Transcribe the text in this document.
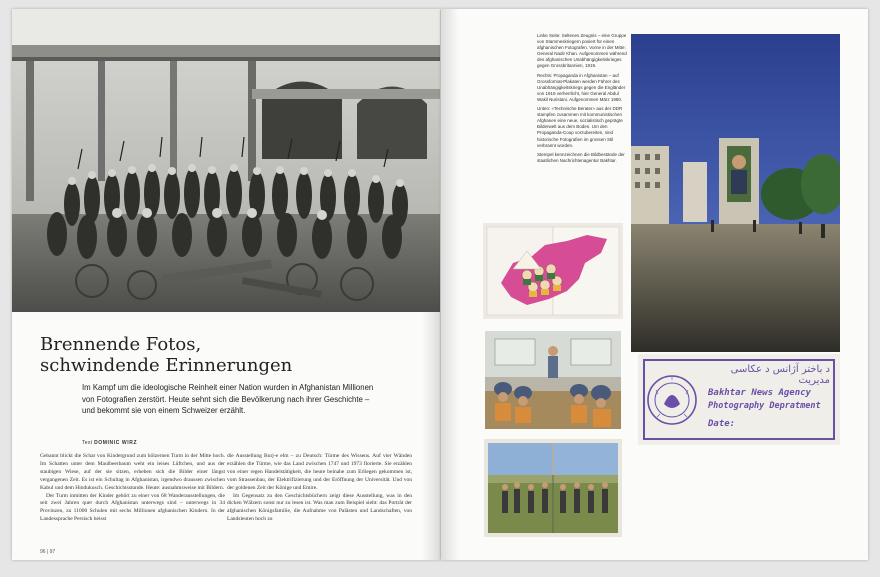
Brennende Fotos,
schwindende Erinnerungen

Im Kampf um die ideologische Reinheit einer Nation wurden in Afghanistan Millionen von Fotografien zerstört. Heute sehnt sich die Bevölkerung nach ihrer Geschichte – und bekommt sie von einem Schweizer erzählt.

Text DOMINIC WIRZ

Gebannt blickt die Schar von Kindergrund zum hölzernen Turm in der Mitte hoch. Im Schatten unter dem Maulbeerbaum weht ein leises Lüftchen, und aus der staubigen Wiese, auf der sie sitzen, erheben sich die Bilder einer längst vergangenen Zeit. Es ist ein Schultag in Afghanistan, irgendwo draussen zwischen Kabul und dem Hindukusch. Geschichtsstunde. Heute: ausnahmsweise mit Bildern.

Der Turm inmitten der Kinder gehört zu einer von 68 Wanderausstellungen, die seit zwei Jahren quer durch Afghanistan unterwegs sind – unterwegs in 34 Provinzen, zu 11000 Schulen mit sechs Millionen afghanischen Kindern. In der Landessprache Persisch heisst

die Ausstellung Burj-e elm – zu Deutsch: Türme des Wissens. Auf vier Wänden erzählen die Türme, wie das Land zwischen 1747 und 1973 florierte. Sie erzählen von einer regen Handelstätigkeit, die heute beinahe zum Erliegen gekommen ist, vom Strassenbau, der Elektrifizierung und der Eröffnung der Universität. Und von der goldenen Zeit der Könige und Emire.

Im Gegensatz zu den Geschichtsbüchern zeigt diese Ausstellung, was in den dicken Wälzern sonst nur zu lesen ist. Was man zum Beispiel sieht: das Porträt der afghanischen Königsfamilie, die Aufnahme von Palästen und Landschaften, von Landsleuten hoch zu

96 | 97

Linke Seite: Seltenes Zeugnis – eine Gruppe von Stammeskriegern posiert für einen afghanischen Fotografen. Vorne in der Mitte: General Nadir Khan. Aufgenommen während des afghanischen Unabhängigkeitskrieges gegen Grossbritannien, 1919.

Rechts: Propaganda in Afghanistan – auf Grossformat-Plakaten werden Führer des Unabhängigkeitskriegs gegen die Engländer von 1919 verherrlicht, hier General Abdul Wakil Nuristani. Aufgenommen März 1980.

Unten: «Technische Berater» aus der DDR stampfen zusammen mit kommunistischen Afghanen eine neue, sozialistisch geprägte Bilderwelt aus dem Boden. Um den Propaganda-Coup vorzubereiten, sind historische Fotografien im grossen Stil verbrannt worden.

Stempel kennzeichnen die Bildbestände der staatlichen Nachrichtenagentur Bakhtar.

د باختر آژانس د عکاسی مدیریت
Bakhtar News Agency
Photography Depratment
Date:
